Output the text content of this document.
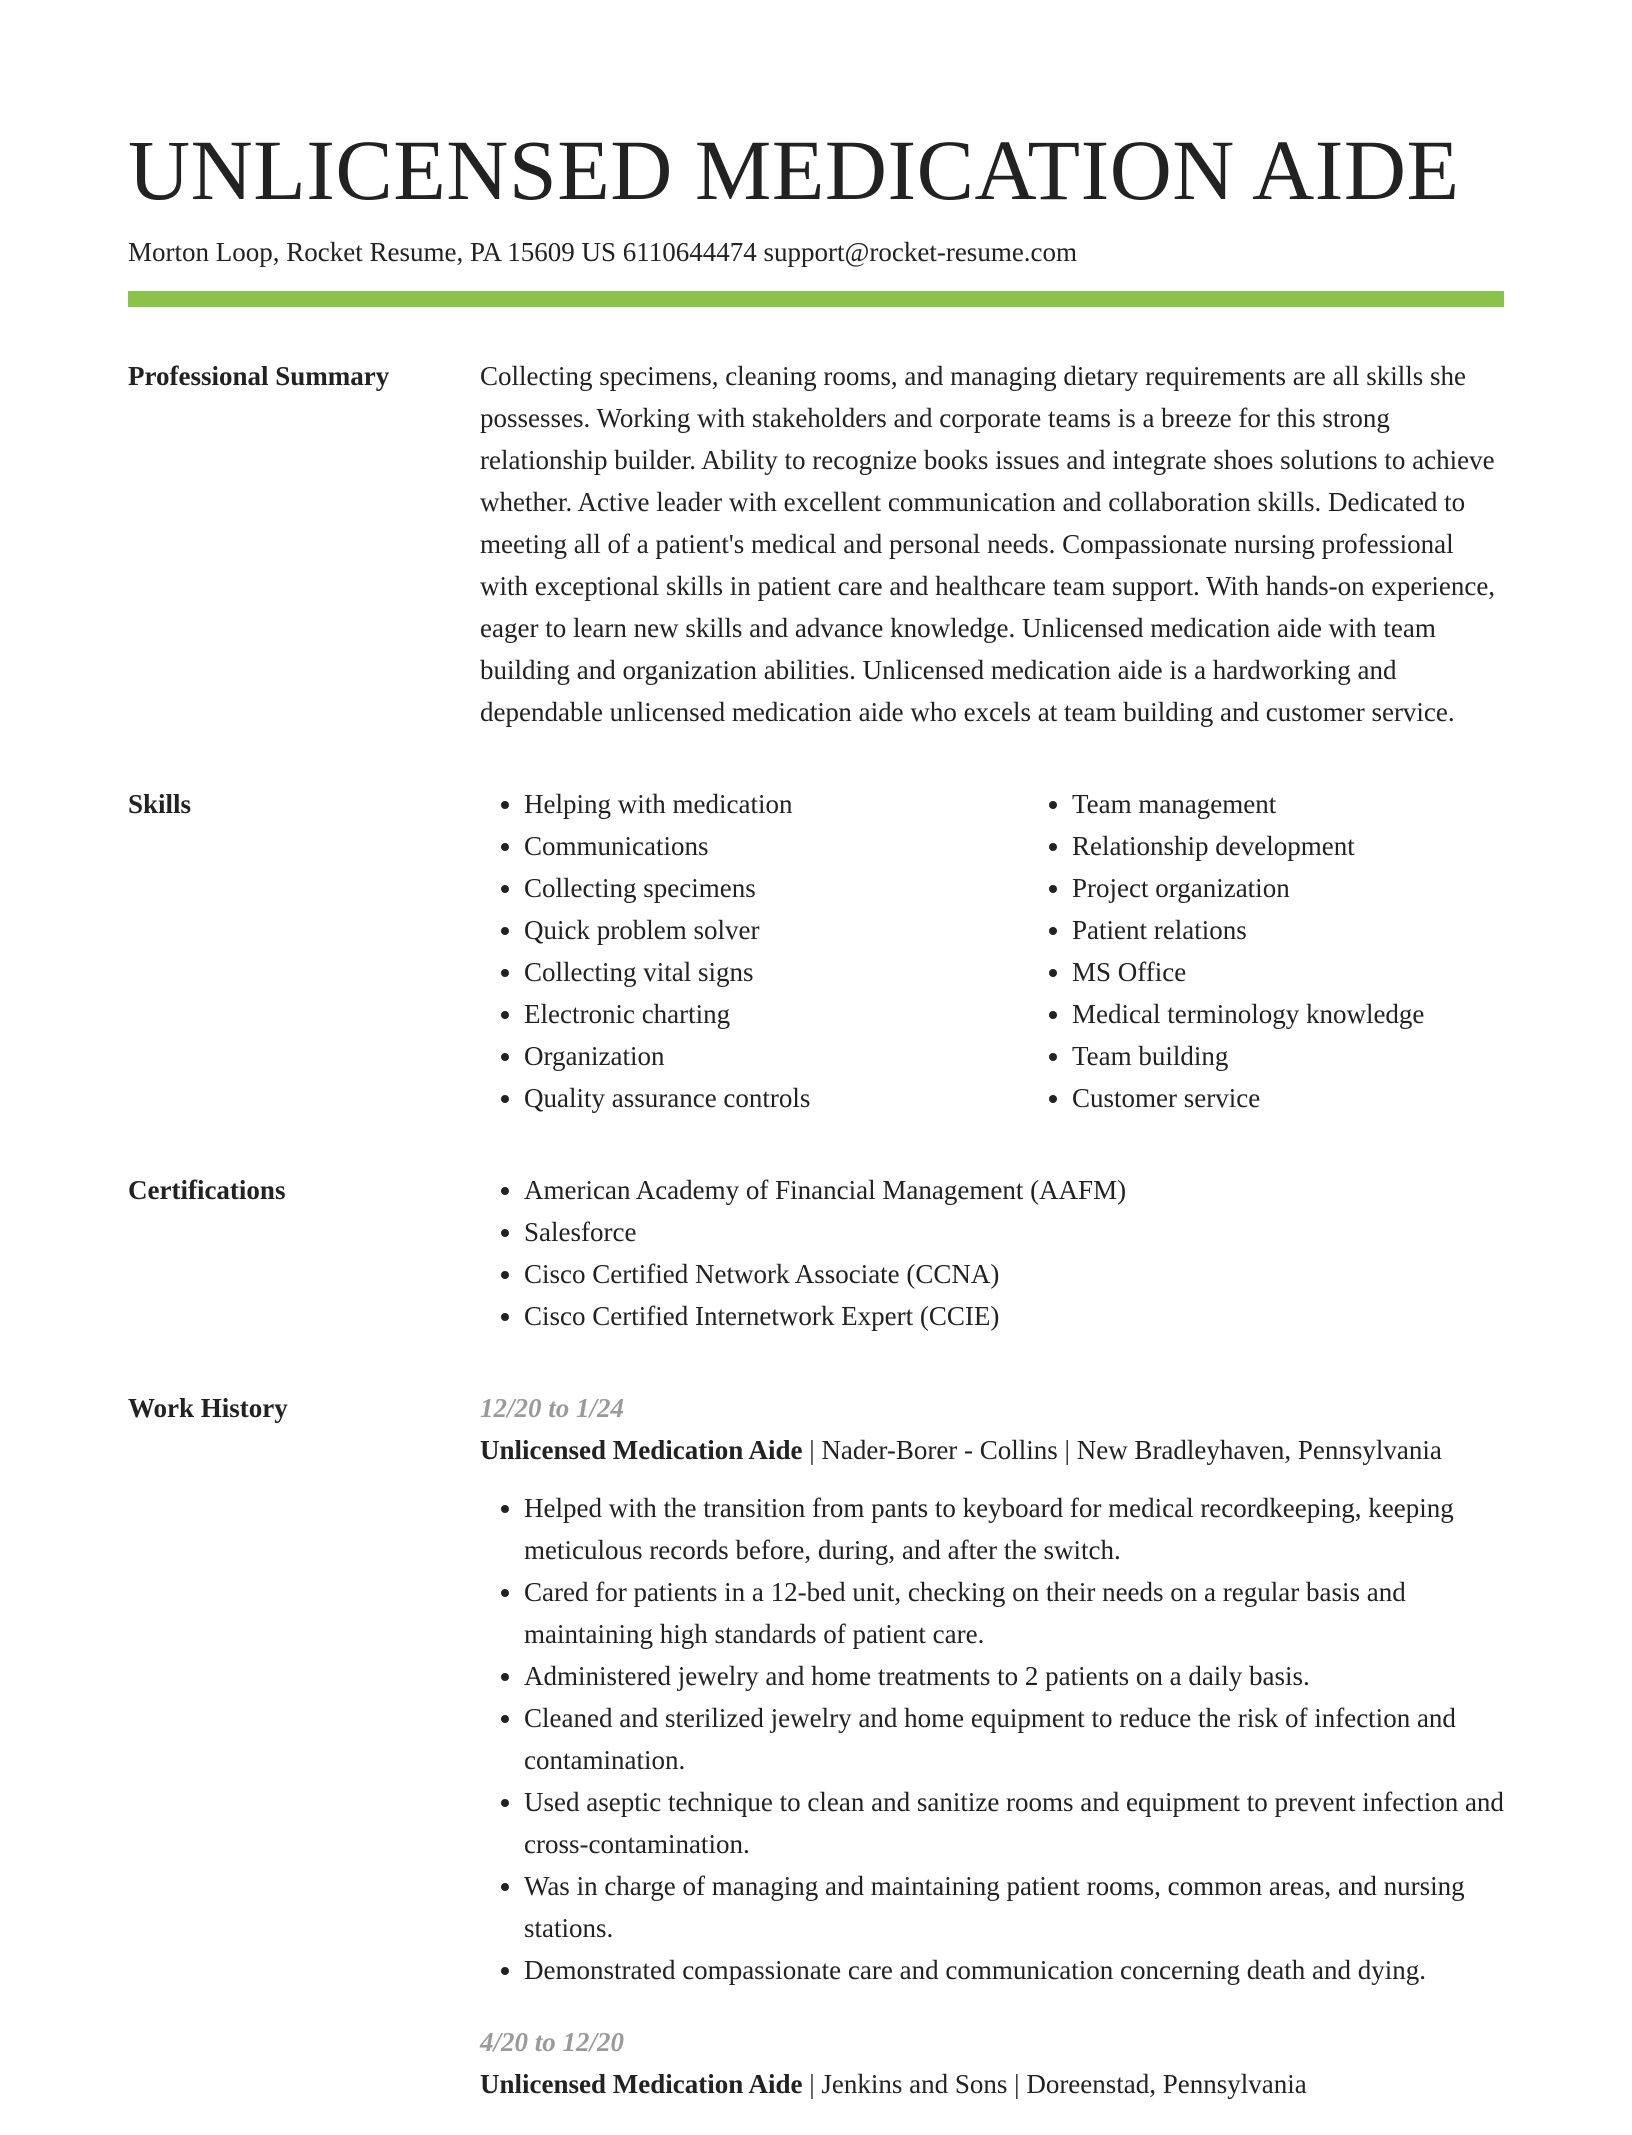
UNLICENSED MEDICATION AIDE
Morton Loop, Rocket Resume, PA 15609 US 6110644474 support@rocket-resume.com
Professional Summary	Collecting specimens, cleaning rooms, and managing dietary requirements are all skills she possesses. Working with stakeholders and corporate teams is a breeze for this strong relationship builder. Ability to recognize books issues and integrate shoes solutions to achieve whether. Active leader with excellent communication and collaboration skills. Dedicated to meeting all of a patient's medical and personal needs. Compassionate nursing professional with exceptional skills in patient care and healthcare team support. With hands-on experience, eager to learn new skills and advance knowledge. Unlicensed medication aide with team building and organization abilities. Unlicensed medication aide is a hardworking and dependable unlicensed medication aide who excels at team building and customer service.

Skills	• Helping with medication
• Communications
• Collecting specimens
• Quick problem solver
• Collecting vital signs
• Electronic charting
• Organization
• Quality assurance controls
• Team management
• Relationship development
• Project organization
• Patient relations
• MS Office
• Medical terminology knowledge
• Team building
• Customer service
Certifications	• American Academy of Financial Management (AAFM)
• Salesforce
• Cisco Certified Network Associate (CCNA)
• Cisco Certified Internetwork Expert (CCIE)
Work History	12/20 to 1/24
Unlicensed Medication Aide | Nader-Borer - Collins | New Bradleyhaven, Pennsylvania
• Helped with the transition from pants to keyboard for medical recordkeeping, keeping meticulous records before, during, and after the switch.
• Cared for patients in a 12-bed unit, checking on their needs on a regular basis and maintaining high standards of patient care.
• Administered jewelry and home treatments to 2 patients on a daily basis.
• Cleaned and sterilized jewelry and home equipment to reduce the risk of infection and contamination.
• Used aseptic technique to clean and sanitize rooms and equipment to prevent infection and cross-contamination.
• Was in charge of managing and maintaining patient rooms, common areas, and nursing stations.
• Demonstrated compassionate care and communication concerning death and dying.
4/20 to 12/20
Unlicensed Medication Aide | Jenkins and Sons | Doreenstad, Pennsylvania
